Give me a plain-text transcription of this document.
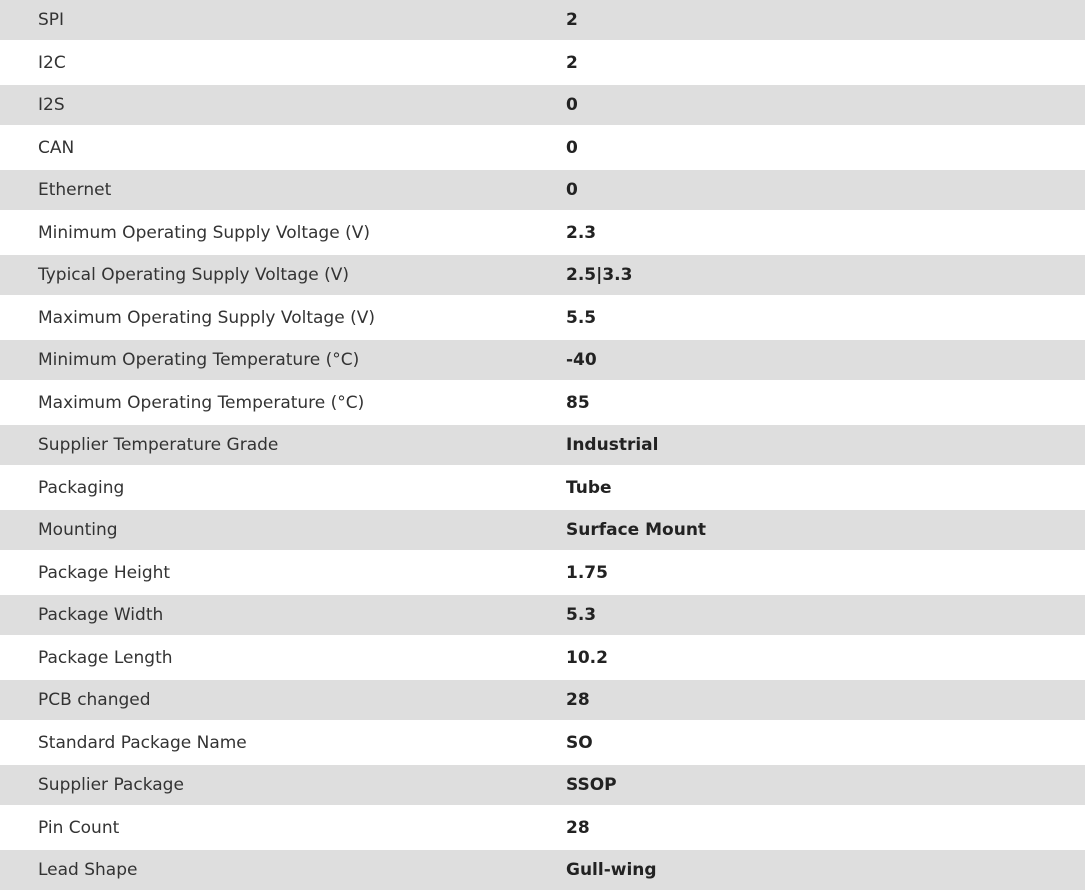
SPI	2
I2C	2
I2S	0
CAN	0
Ethernet	0
Minimum Operating Supply Voltage (V)	2.3
Typical Operating Supply Voltage (V)	2.5|3.3
Maximum Operating Supply Voltage (V)	5.5
Minimum Operating Temperature (°C)	-40
Maximum Operating Temperature (°C)	85
Supplier Temperature Grade	Industrial
Packaging	Tube
Mounting	Surface Mount
Package Height	1.75
Package Width	5.3
Package Length	10.2
PCB changed	28
Standard Package Name	SO
Supplier Package	SSOP
Pin Count	28
Lead Shape	Gull-wing
